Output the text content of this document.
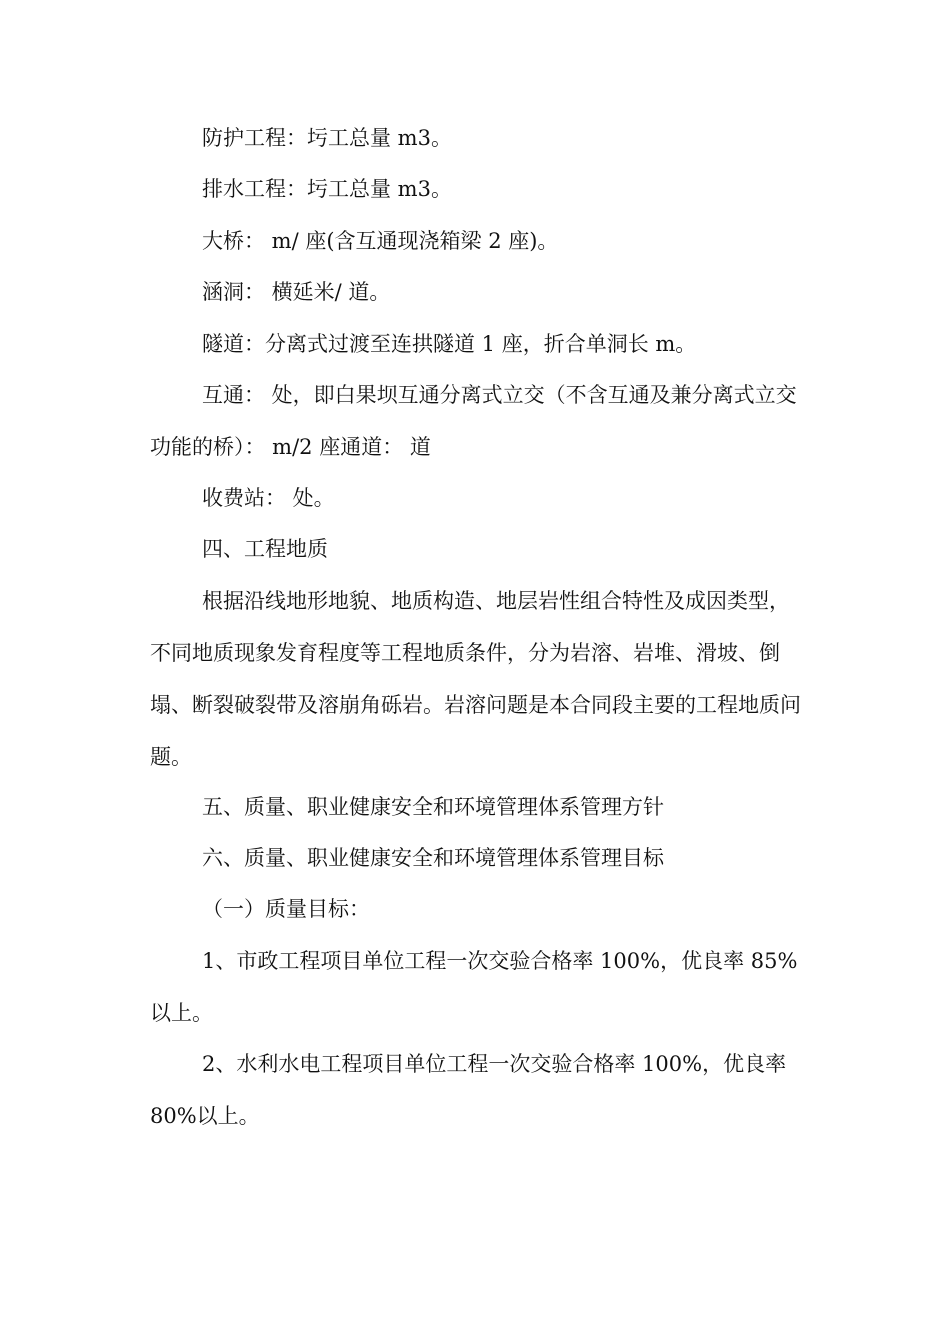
防护工程：圬工总量 m3。

排水工程：圬工总量 m3。

大桥： m/ 座(含互通现浇箱梁 2 座)。

涵洞： 横延米/ 道。

隧道：分离式过渡至连拱隧道 1 座，折合单洞长 m。

互通： 处，即白果坝互通分离式立交（不含互通及兼分离式立交功能的桥）： m/2 座通道： 道

收费站： 处。

四、工程地质

根据沿线地形地貌、地质构造、地层岩性组合特性及成因类型，不同地质现象发育程度等工程地质条件，分为岩溶、岩堆、滑坡、倒塌、断裂破裂带及溶崩角砾岩。岩溶问题是本合同段主要的工程地质问题。

五、质量、职业健康安全和环境管理体系管理方针

六、质量、职业健康安全和环境管理体系管理目标

（一）质量目标：

1、市政工程项目单位工程一次交验合格率 100%，优良率 85%以上。

2、水利水电工程项目单位工程一次交验合格率 100%，优良率 80%以上。
